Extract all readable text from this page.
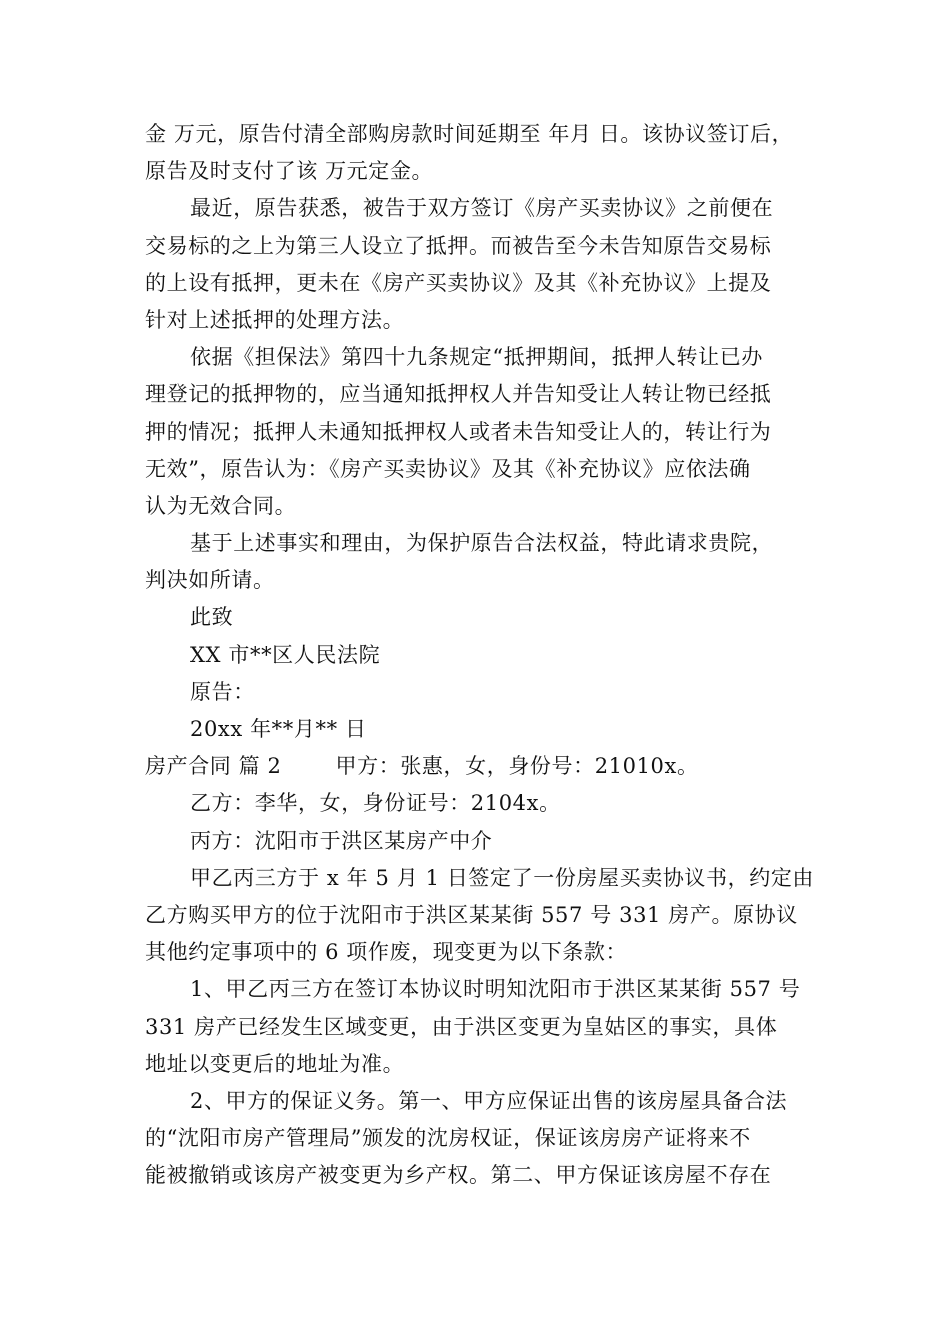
金 万元，原告付清全部购房款时间延期至 年月 日。该协议签订后，
原告及时支付了该 万元定金。
最近，原告获悉，被告于双方签订《房产买卖协议》之前便在
交易标的之上为第三人设立了抵押。而被告至今未告知原告交易标
的上设有抵押，更未在《房产买卖协议》及其《补充协议》上提及
针对上述抵押的处理方法。
依据《担保法》第四十九条规定“抵押期间，抵押人转让已办
理登记的抵押物的，应当通知抵押权人并告知受让人转让物已经抵
押的情况；抵押人未通知抵押权人或者未告知受让人的，转让行为
无效”，原告认为：《房产买卖协议》及其《补充协议》应依法确
认为无效合同。
基于上述事实和理由，为保护原告合法权益，特此请求贵院，
判决如所请。
此致
XX 市**区人民法院
原告：
20xx 年**月** 日
房产合同 篇 2	甲方：张惠，女，身份号：21010x。
乙方：李华，女，身份证号：2104x。
丙方：沈阳市于洪区某房产中介
甲乙丙三方于 x 年 5 月 1 日签定了一份房屋买卖协议书，约定由
乙方购买甲方的位于沈阳市于洪区某某街 557 号 331 房产。原协议
其他约定事项中的 6 项作废，现变更为以下条款：
1、甲乙丙三方在签订本协议时明知沈阳市于洪区某某街 557 号
331 房产已经发生区域变更，由于洪区变更为皇姑区的事实，具体
地址以变更后的地址为准。
2、甲方的保证义务。第一、甲方应保证出售的该房屋具备合法
的“沈阳市房产管理局”颁发的沈房权证，保证该房房产证将来不
能被撤销或该房产被变更为乡产权。第二、甲方保证该房屋不存在
